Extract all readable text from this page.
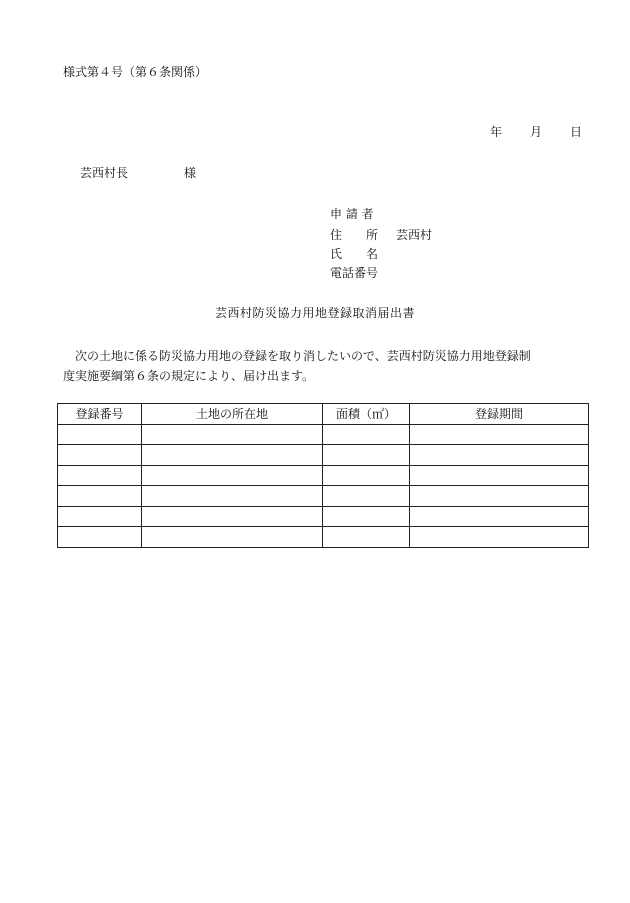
様式第４号（第６条関係）
年 月 日
芸西村長	様
申 請 者
住　　所 芸西村
氏　　名
電話番号
芸西村防災協力用地登録取消届出書

　次の土地に係る防災協力用地の登録を取り消したいので、芸西村防災協力用地登録制

度実施要綱第６条の規定により、届け出ます。

登録番号	土地の所在地	面積（㎡）	登録期間
